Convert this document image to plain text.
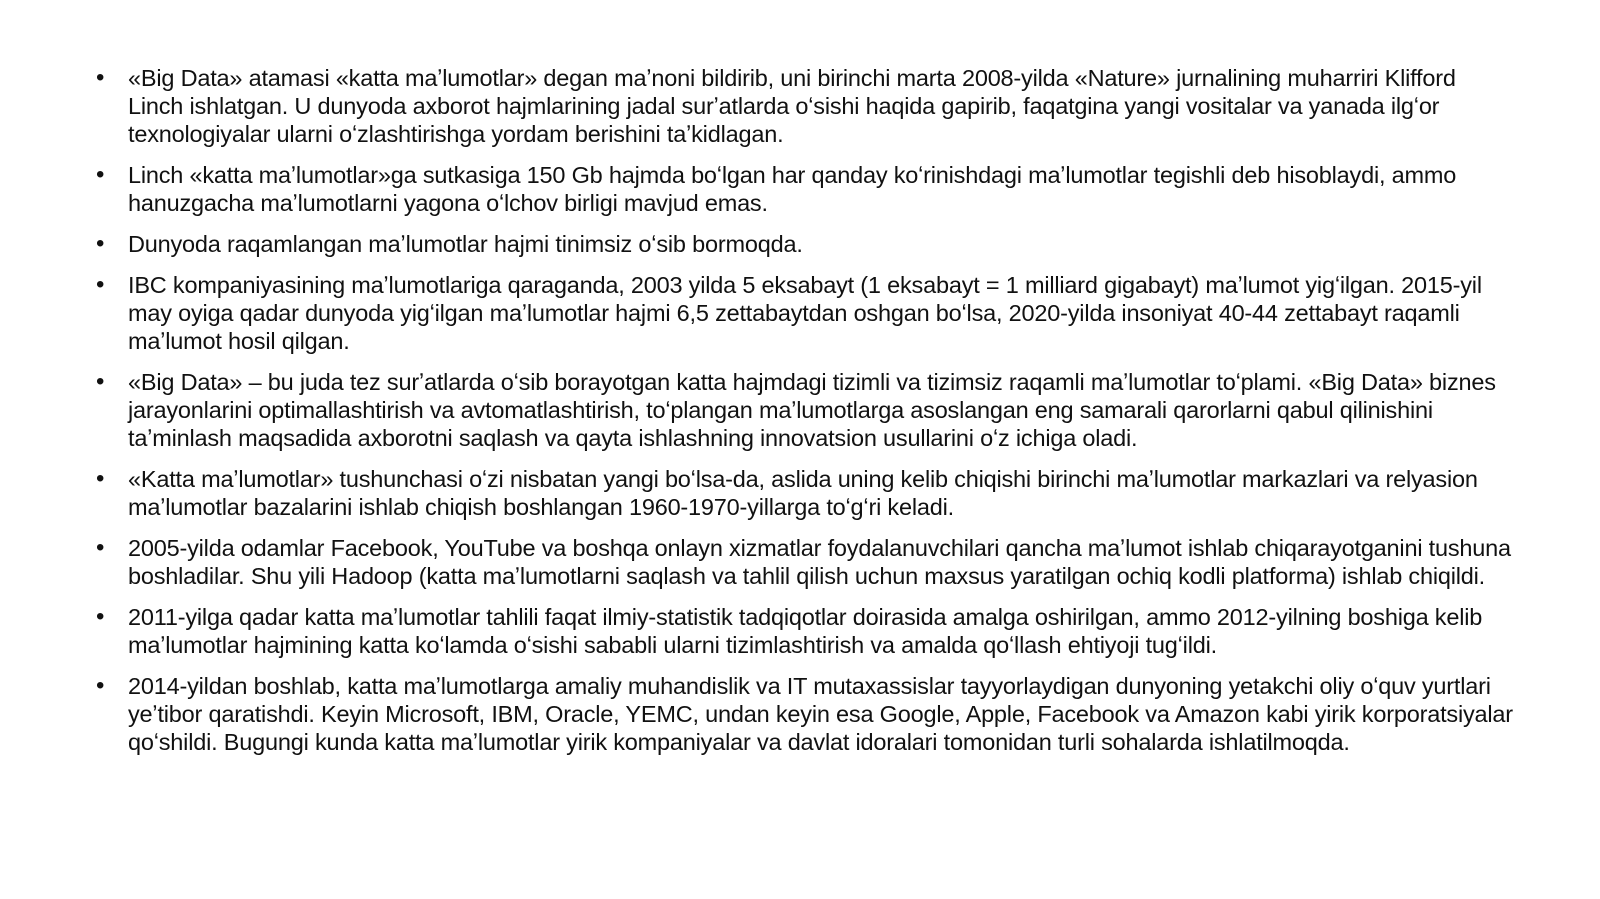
•	«Big Data» atamasi «katta maʼlumotlar» degan maʼnoni bildirib, uni birinchi marta 2008-yilda «Nature» jurnalining muharriri Klifford Linch ishlatgan. U dunyoda axborot hajmlarining jadal surʼatlarda oʻsishi haqida gapirib, faqatgina yangi vositalar va yanada ilgʻor texnologiyalar ularni oʻzlashtirishga yordam berishini taʼkidlagan.
•	Linch «katta maʼlumotlar»ga sutkasiga 150 Gb hajmda boʻlgan har qanday koʻrinishdagi maʼlumotlar tegishli deb hisoblaydi, ammo hanuzgacha maʼlumotlarni yagona oʻlchov birligi mavjud emas.
•	Dunyoda raqamlangan maʼlumotlar hajmi tinimsiz oʻsib bormoqda.
•	IBC kompaniyasining maʼlumotlariga qaraganda, 2003 yilda 5 eksabayt (1 eksabayt = 1 milliard gigabayt) maʼlumot yigʻilgan. 2015-yil may oyiga qadar dunyoda yigʻilgan maʼlumotlar hajmi 6,5 zettabaytdan oshgan boʻlsa, 2020-yilda insoniyat 40-44 zettabayt raqamli maʼlumot hosil qilgan.
•	«Big Data» – bu juda tez surʼatlarda oʻsib borayotgan katta hajmdagi tizimli va tizimsiz raqamli maʼlumotlar toʻplami. «Big Data» biznes jarayonlarini optimallashtirish va avtomatlashtirish, toʻplangan maʼlumotlarga asoslangan eng samarali qarorlarni qabul qilinishini taʼminlash maqsadida axborotni saqlash va qayta ishlashning innovatsion usullarini oʻz ichiga oladi.
•	«Katta maʼlumotlar» tushunchasi oʻzi nisbatan yangi boʻlsa-da, aslida uning kelib chiqishi birinchi maʼlumotlar markazlari va relyasion maʼlumotlar bazalarini ishlab chiqish boshlangan 1960-1970-yillarga toʻgʻri keladi.
•	2005-yilda odamlar Facebook, YouTube va boshqa onlayn xizmatlar foydalanuvchilari qancha maʼlumot ishlab chiqarayotganini tushuna boshladilar. Shu yili Hadoop (katta maʼlumotlarni saqlash va tahlil qilish uchun maxsus yaratilgan ochiq kodli platforma) ishlab chiqildi.
•	2011-yilga qadar katta maʼlumotlar tahlili faqat ilmiy-statistik tadqiqotlar doirasida amalga oshirilgan, ammo 2012-yilning boshiga kelib maʼlumotlar hajmining katta koʻlamda oʻsishi sababli ularni tizimlashtirish va amalda qoʻllash ehtiyoji tugʻildi.
•	2014-yildan boshlab, katta maʼlumotlarga amaliy muhandislik va IT mutaxassislar tayyorlaydigan dunyoning yetakchi oliy oʻquv yurtlari yeʼtibor qaratishdi. Keyin Microsoft, IBM, Oracle, YEMC, undan keyin esa Google, Apple, Facebook va Amazon kabi yirik korporatsiyalar qoʻshildi. Bugungi kunda katta maʼlumotlar yirik kompaniyalar va davlat idoralari tomonidan turli sohalarda ishlatilmoqda.
